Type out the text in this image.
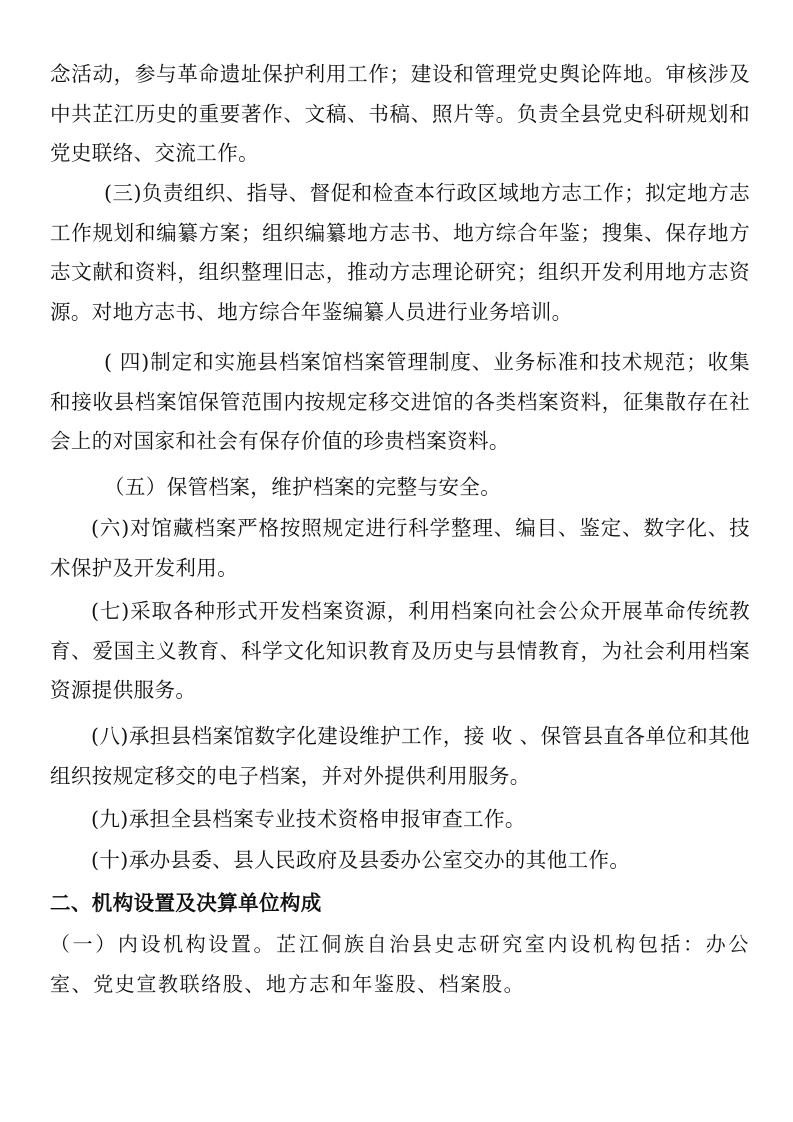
念活动，参与革命遗址保护利用工作；建设和管理党史舆论阵地。审核涉及中共芷江历史的重要著作、文稿、书稿、照片等。负责全县党史科研规划和党史联络、交流工作。

(三)负责组织、指导、督促和检查本行政区域地方志工作；拟定地方志工作规划和编纂方案；组织编纂地方志书、地方综合年鉴；搜集、保存地方志文献和资料，组织整理旧志，推动方志理论研究；组织开发利用地方志资源。对地方志书、地方综合年鉴编纂人员进行业务培训。

( 四)制定和实施县档案馆档案管理制度、业务标准和技术规范；收集和接收县档案馆保管范围内按规定移交进馆的各类档案资料，征集散存在社会上的对国家和社会有保存价值的珍贵档案资料。

（五）保管档案，维护档案的完整与安全。

(六)对馆藏档案严格按照规定进行科学整理、编目、鉴定、数字化、技术保护及开发利用。

(七)采取各种形式开发档案资源，利用档案向社会公众开展革命传统教育、爱国主义教育、科学文化知识教育及历史与县情教育，为社会利用档案资源提供服务。

(八)承担县档案馆数字化建设维护工作，接 收 、保管县直各单位和其他组织按规定移交的电子档案，并对外提供利用服务。

(九)承担全县档案专业技术资格申报审查工作。

(十)承办县委、县人民政府及县委办公室交办的其他工作。

二、机构设置及决算单位构成

（一）内设机构设置。芷江侗族自治县史志研究室内设机构包括：办公室、党史宣教联络股、地方志和年鉴股、档案股。
